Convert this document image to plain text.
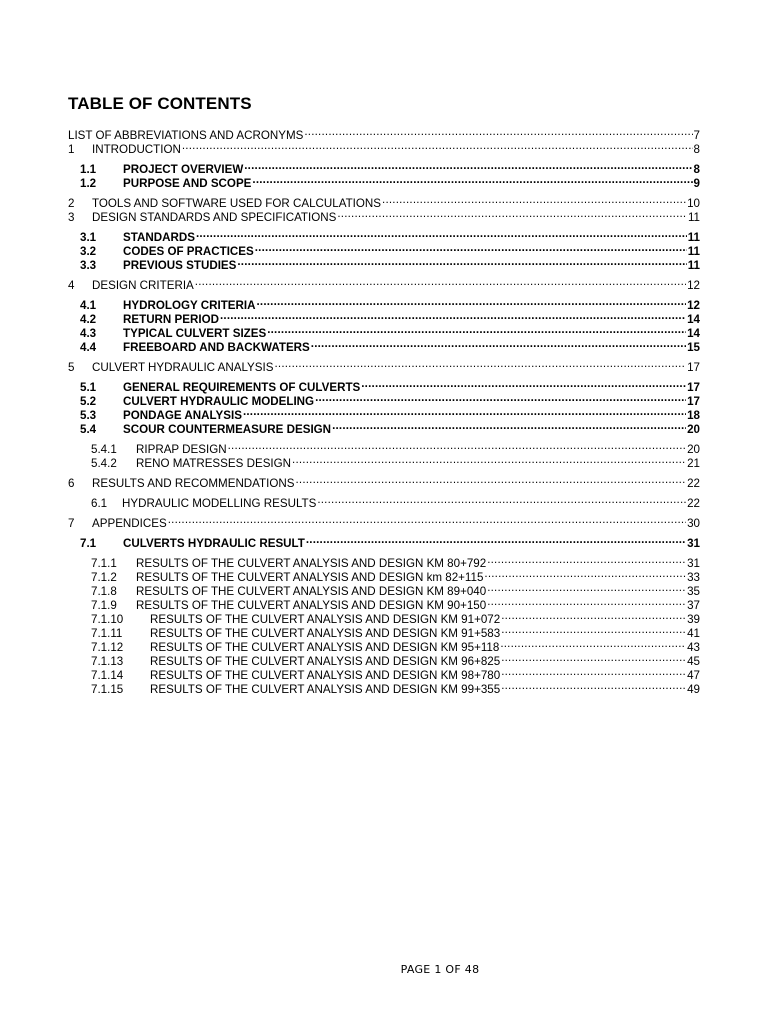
TABLE OF CONTENTS
LIST OF ABBREVIATIONS AND ACRONYMS .....	7
1	INTRODUCTION .....	8
1.1	PROJECT OVERVIEW .....	8
1.2	PURPOSE AND SCOPE .....	9
2	TOOLS AND SOFTWARE USED FOR CALCULATIONS .....	10
3	DESIGN STANDARDS AND SPECIFICATIONS .....	11
3.1	STANDARDS .....	11
3.2	CODES OF PRACTICES .....	11
3.3	PREVIOUS STUDIES .....	11
4	DESIGN CRITERIA .....	12
4.1	HYDROLOGY CRITERIA .....	12
4.2	RETURN PERIOD .....	14
4.3	TYPICAL CULVERT SIZES .....	14
4.4	FREEBOARD AND BACKWATERS .....	15
5	CULVERT HYDRAULIC ANALYSIS .....	17
5.1	GENERAL REQUIREMENTS OF CULVERTS .....	17
5.2	CULVERT HYDRAULIC MODELING .....	17
5.3	PONDAGE ANALYSIS .....	18
5.4	SCOUR COUNTERMEASURE DESIGN .....	20
5.4.1	RIPRAP DESIGN .....	20
5.4.2	RENO MATRESSES DESIGN .....	21
6	RESULTS AND RECOMMENDATIONS .....	22
6.1	HYDRAULIC MODELLING RESULTS .....	22
7	APPENDICES .....	30
7.1	CULVERTS HYDRAULIC RESULT .....	31
7.1.1	RESULTS OF THE CULVERT ANALYSIS AND DESIGN KM 80+792 .....	31
7.1.2	RESULTS OF THE CULVERT ANALYSIS AND DESIGN km 82+115 .....	33
7.1.8	RESULTS OF THE CULVERT ANALYSIS AND DESIGN KM 89+040 .....	35
7.1.9	RESULTS OF THE CULVERT ANALYSIS AND DESIGN KM 90+150 .....	37
7.1.10	RESULTS OF THE CULVERT ANALYSIS AND DESIGN KM 91+072 .....	39
7.1.11	RESULTS OF THE CULVERT ANALYSIS AND DESIGN KM 91+583 .....	41
7.1.12	RESULTS OF THE CULVERT ANALYSIS AND DESIGN KM 95+118 .....	43
7.1.13	RESULTS OF THE CULVERT ANALYSIS AND DESIGN KM 96+825 .....	45
7.1.14	RESULTS OF THE CULVERT ANALYSIS AND DESIGN KM 98+780 .....	47
7.1.15	RESULTS OF THE CULVERT ANALYSIS AND DESIGN KM 99+355 .....	49
PAGE 1 OF 48
